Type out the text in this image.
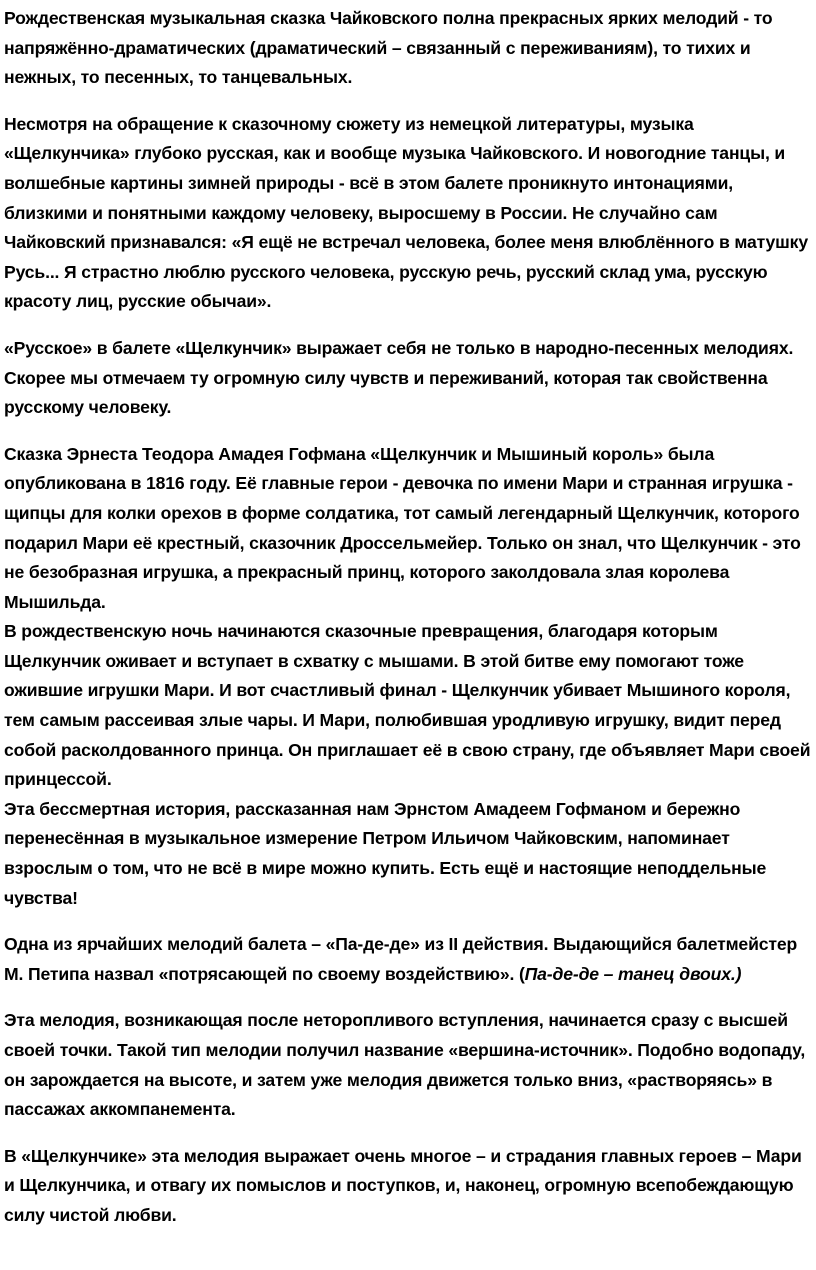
Рождественская музыкальная сказка Чайковского полна прекрасных ярких мелодий - то напряжённо-драматических (драматический – связанный с переживаниям), то тихих и нежных, то песенных, то танцевальных.

Несмотря на обращение к сказочному сюжету из немецкой литературы, музыка «Щелкунчика» глубоко русская, как и вообще музыка Чайковского. И новогодние танцы, и волшебные картины зимней природы - всё в этом балете проникнуто интонациями, близкими и понятными каждому человеку, выросшему в России. Не случайно сам Чайковский признавался: «Я ещё не встречал человека, более меня влюблённого в матушку Русь... Я страстно люблю русского человека, русскую речь, русский склад ума, русскую красоту лиц, русские обычаи».

«Русское» в балете «Щелкунчик» выражает себя не только в народно-песенных мелодиях. Скорее мы отмечаем ту огромную силу чувств и переживаний, которая так свойственна русскому человеку.

Сказка Эрнеста Теодора Амадея Гофмана «Щелкунчик и Мышиный король» была опубликована в 1816 году. Её главные герои - девочка по имени Мари и странная игрушка - щипцы для колки орехов в форме солдатика, тот самый легендарный Щелкунчик, которого подарил Мари её крестный, сказочник Дроссельмейер. Только он знал, что Щелкунчик - это не безобразная игрушка, а прекрасный принц, которого заколдовала злая королева Мышильда.

В рождественскую ночь начинаются сказочные превращения, благодаря которым Щелкунчик оживает и вступает в схватку с мышами. В этой битве ему помогают тоже ожившие игрушки Мари. И вот счастливый финал - Щелкунчик убивает Мышиного короля, тем самым рассеивая злые чары. И Мари, полюбившая уродливую игрушку, видит перед собой расколдованного принца. Он приглашает её в свою страну, где объявляет Мари своей принцессой.

Эта бессмертная история, рассказанная нам Эрнстом Амадеем Гофманом и бережно перенесённая в музыкальное измерение Петром Ильичом Чайковским, напоминает взрослым о том, что не всё в мире можно купить. Есть ещё и настоящие неподдельные чувства!

Одна из ярчайших мелодий балета – «Па-де-де» из II действия. Выдающийся балетмейстер М. Петипа назвал «потрясающей по своему воздействию». (Па-де-де – танец двоих.)

Эта мелодия, возникающая после неторопливого вступления, начинается сразу с высшей своей точки. Такой тип мелодии получил название «вершина-источник». Подобно водопаду, он зарождается на высоте, и затем уже мелодия движется только вниз, «растворяясь» в пассажах аккомпанемента.

В «Щелкунчике» эта мелодия выражает очень многое – и страдания главных героев – Мари и Щелкунчика, и отвагу их помыслов и поступков, и, наконец, огромную всепобеждающую силу чистой любви.
